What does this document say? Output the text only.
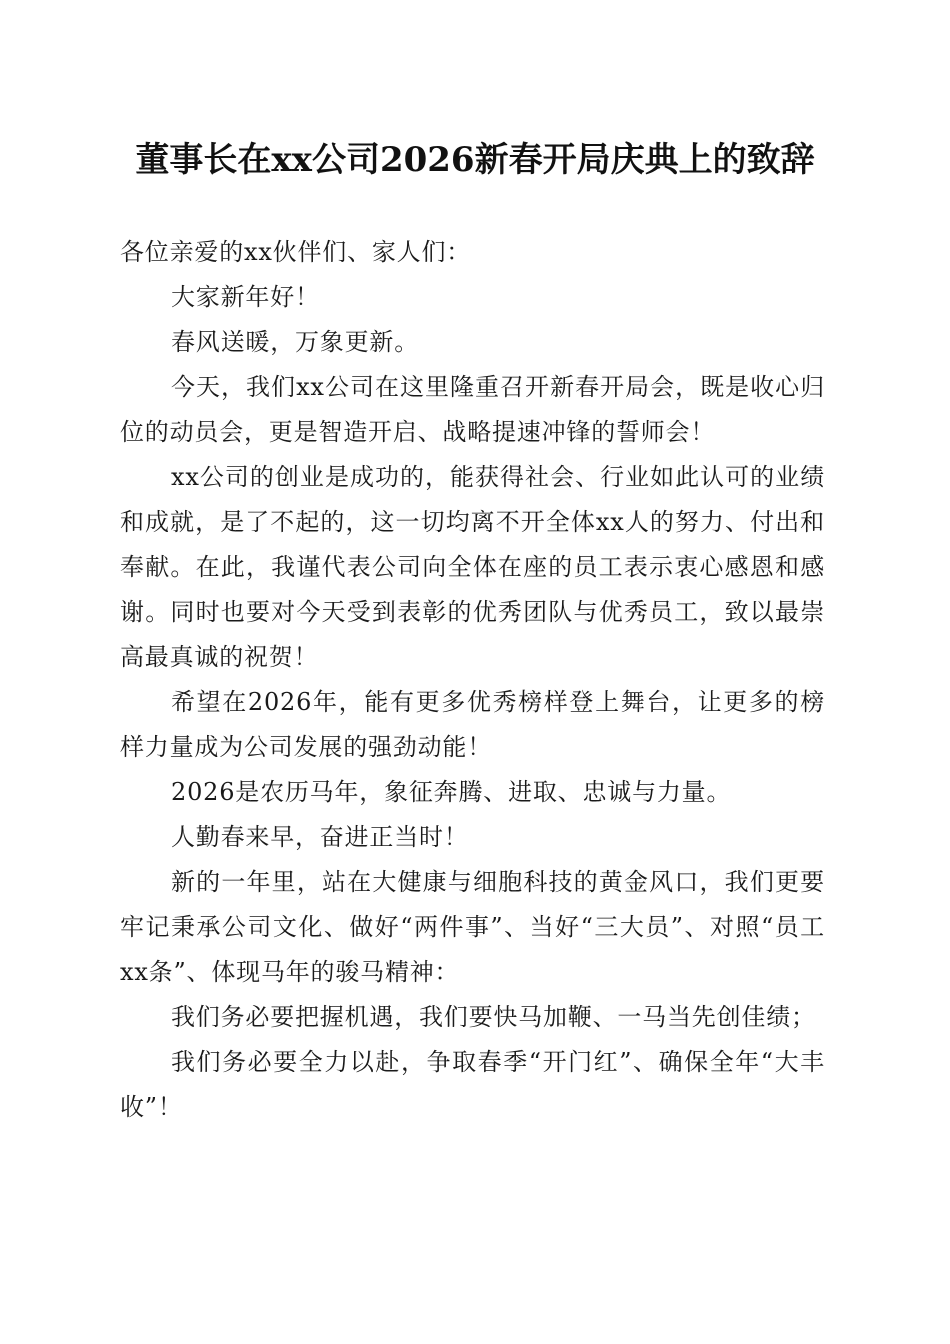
董事长在xx公司2026新春开局庆典上的致辞

各位亲爱的xx伙伴们、家人们：

大家新年好！

春风送暖，万象更新。

今天，我们xx公司在这里隆重召开新春开局会，既是收心归位的动员会，更是智造开启、战略提速冲锋的誓师会！

xx公司的创业是成功的，能获得社会、行业如此认可的业绩和成就，是了不起的，这一切均离不开全体xx人的努力、付出和奉献。在此，我谨代表公司向全体在座的员工表示衷心感恩和感谢。同时也要对今天受到表彰的优秀团队与优秀员工，致以最崇高最真诚的祝贺！

希望在2026年，能有更多优秀榜样登上舞台，让更多的榜样力量成为公司发展的强劲动能！

2026是农历马年，象征奔腾、进取、忠诚与力量。

人勤春来早，奋进正当时！

新的一年里，站在大健康与细胞科技的黄金风口，我们更要牢记秉承公司文化、做好“两件事”、当好“三大员”、对照“员工xx条”、体现马年的骏马精神：

我们务必要把握机遇，我们要快马加鞭、一马当先创佳绩；

我们务必要全力以赴，争取春季“开门红”、确保全年“大丰收”！
